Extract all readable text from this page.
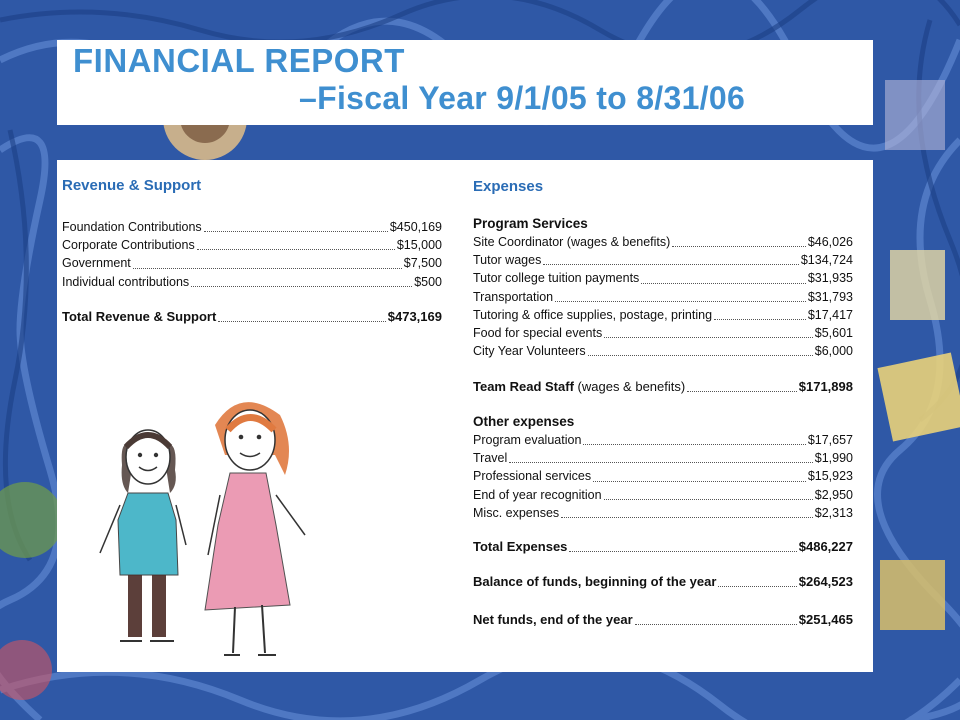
FINANCIAL REPORT
–Fiscal Year 9/1/05 to 8/31/06
Revenue & Support
Foundation Contributions	$450,169
Corporate Contributions	$15,000
Government	$7,500
Individual contributions	$500
Total Revenue & Support	$473,169
Expenses
Program Services
Site Coordinator (wages & benefits)	$46,026
Tutor wages	$134,724
Tutor college tuition payments	$31,935
Transportation	$31,793
Tutoring & office supplies, postage, printing	$17,417
Food for special events	$5,601
City Year Volunteers	$6,000
Team Read Staff (wages & benefits)	$171,898
Other expenses
Program evaluation	$17,657
Travel	$1,990
Professional services	$15,923
End of year recognition	$2,950
Misc. expenses	$2,313
Total Expenses	$486,227
Balance of funds, beginning of the year	$264,523
Net funds, end of the year	$251,465
